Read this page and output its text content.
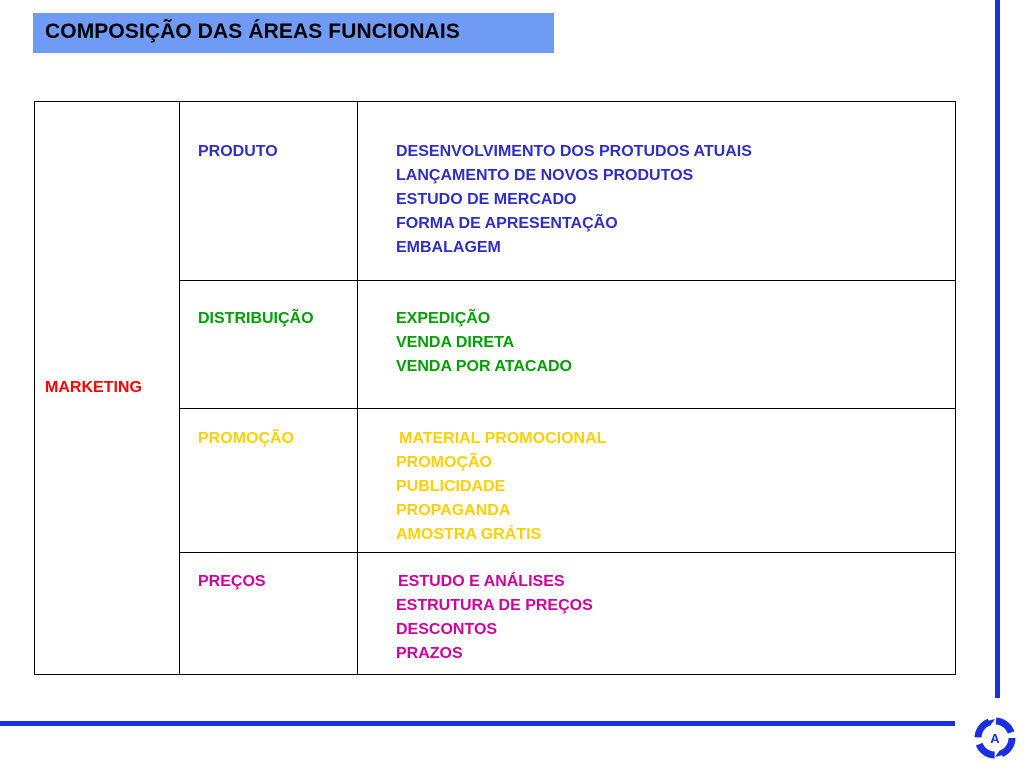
COMPOSIÇÃO DAS ÁREAS FUNCIONAIS
MARKETING	PRODUTO	DESENVOLVIMENTO DOS PROTUDOS ATUAIS
LANÇAMENTO DE NOVOS PRODUTOS
ESTUDO DE MERCADO
FORMA DE APRESENTAÇÃO
EMBALAGEM

	DISTRIBUIÇÃO	EXPEDIÇÃO
VENDA DIRETA
VENDA POR ATACADO

	PROMOÇÃO	MATERIAL PROMOCIONAL
PROMOÇÃO
PUBLICIDADE
PROPAGANDA
AMOSTRA GRÁTIS

	PREÇOS	ESTUDO E ANÁLISES
ESTRUTURA DE PREÇOS
DESCONTOS
PRAZOS
A
